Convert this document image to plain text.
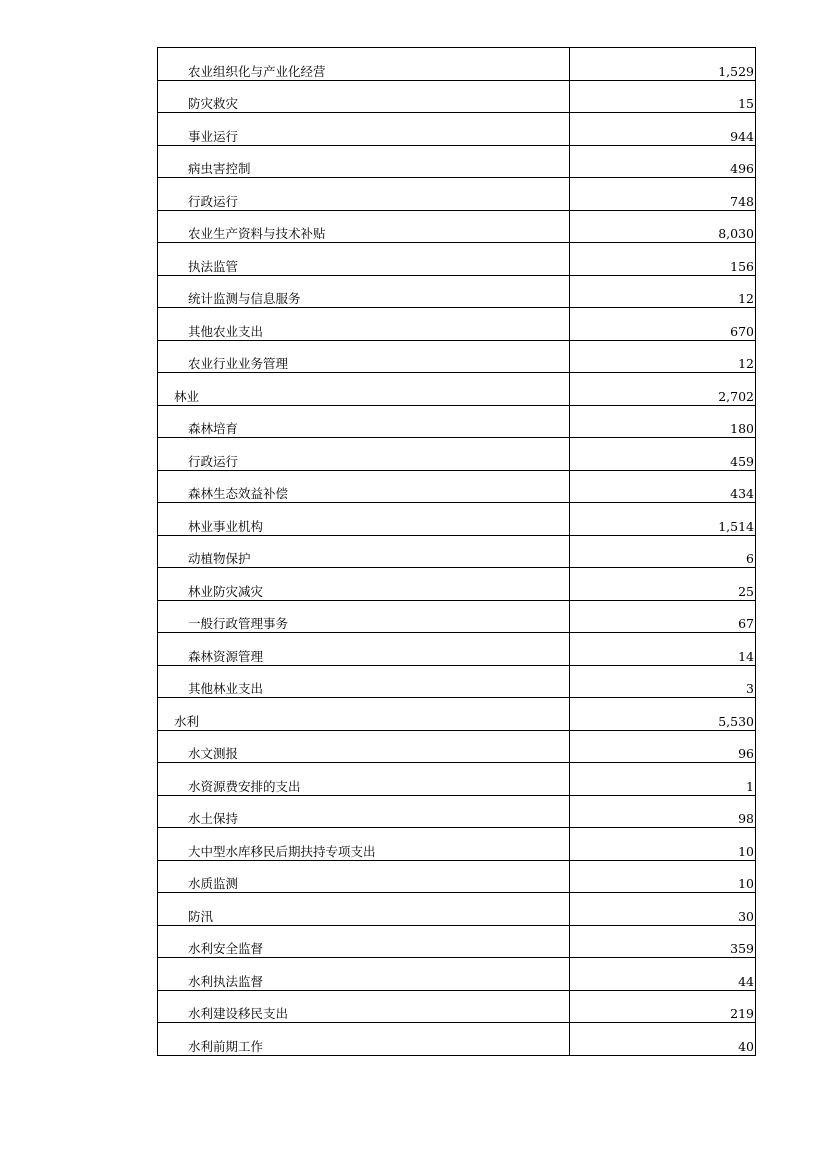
农业组织化与产业化经营	1,529
防灾救灾	15
事业运行	944
病虫害控制	496
行政运行	748
农业生产资料与技术补贴	8,030
执法监管	156
统计监测与信息服务	12
其他农业支出	670
农业行业业务管理	12
林业	2,702
森林培育	180
行政运行	459
森林生态效益补偿	434
林业事业机构	1,514
动植物保护	6
林业防灾减灾	25
一般行政管理事务	67
森林资源管理	14
其他林业支出	3
水利	5,530
水文测报	96
水资源费安排的支出	1
水土保持	98
大中型水库移民后期扶持专项支出	10
水质监测	10
防汛	30
水利安全监督	359
水利执法监督	44
水利建设移民支出	219
水利前期工作	40
